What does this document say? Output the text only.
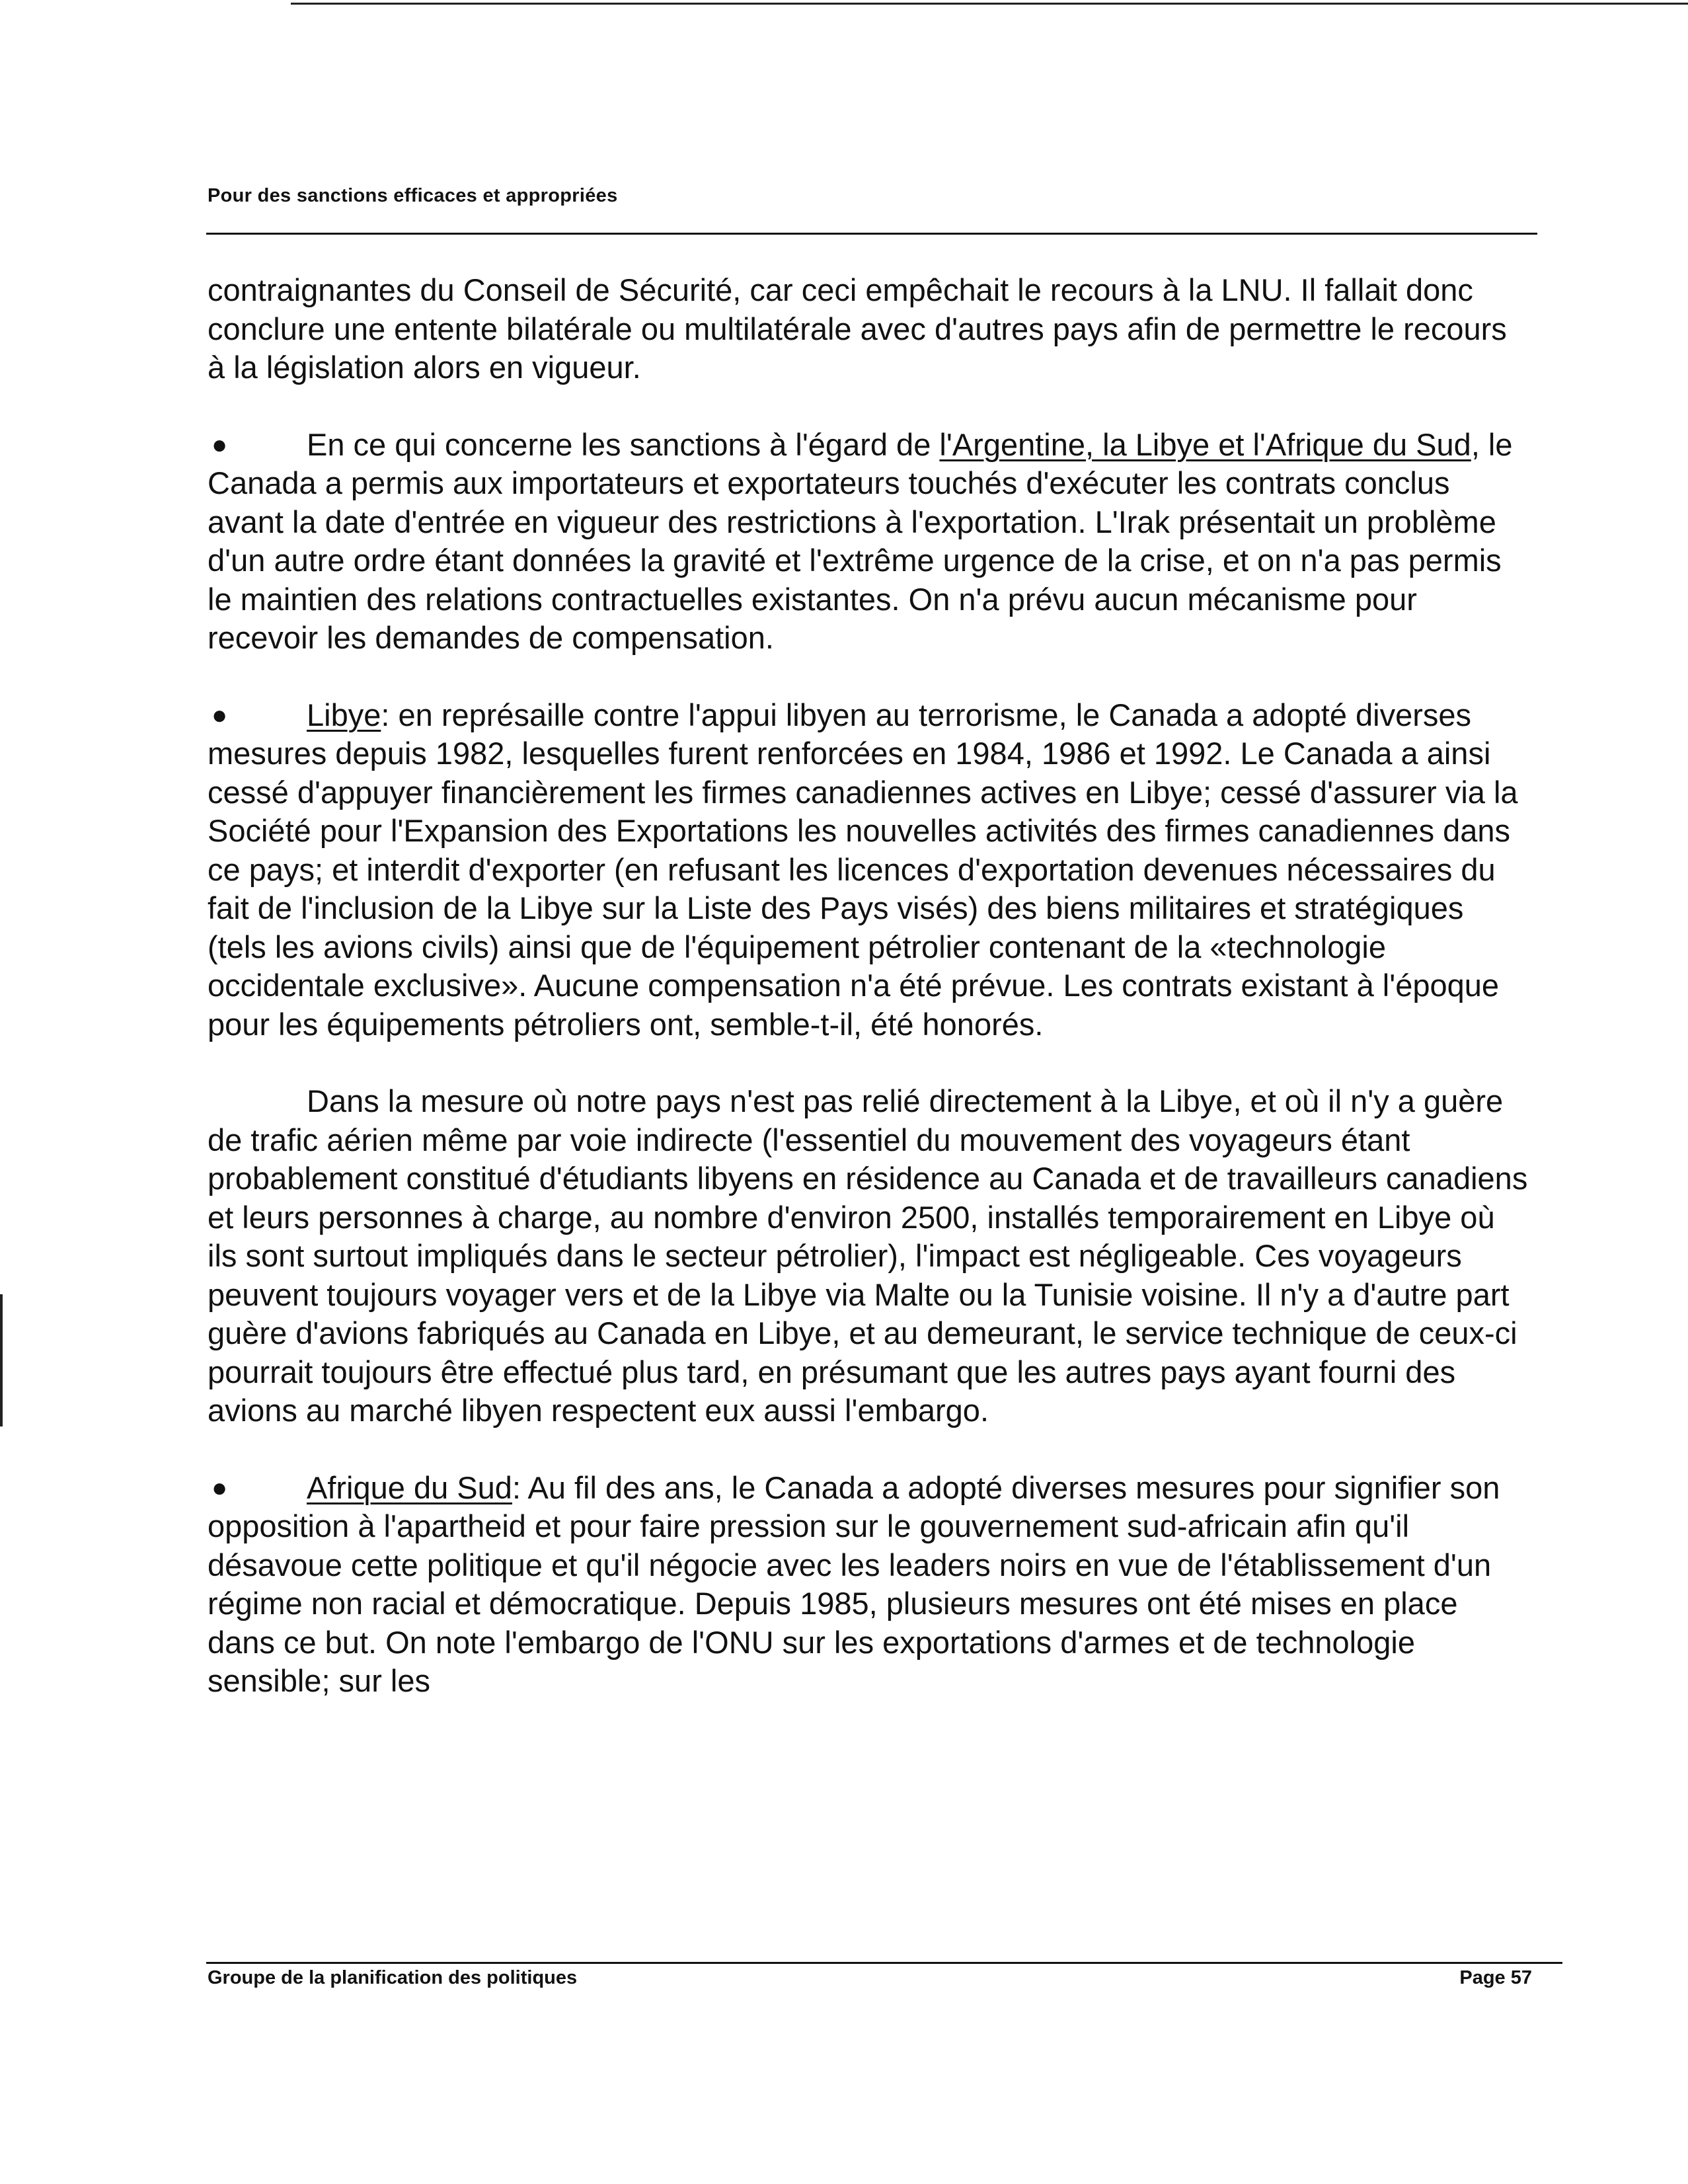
Pour des sanctions efficaces et appropriées

contraignantes du Conseil de Sécurité, car ceci empêchait le recours à la LNU. Il fallait donc conclure une entente bilatérale ou multilatérale avec d'autres pays afin de permettre le recours à la législation alors en vigueur.

●	En ce qui concerne les sanctions à l'égard de l'Argentine, la Libye et l'Afrique du Sud, le Canada a permis aux importateurs et exportateurs touchés d'exécuter les contrats conclus avant la date d'entrée en vigueur des restrictions à l'exportation. L'Irak présentait un problème d'un autre ordre étant données la gravité et l'extrême urgence de la crise, et on n'a pas permis le maintien des relations contractuelles existantes. On n'a prévu aucun mécanisme pour recevoir les demandes de compensation.

●	Libye: en représaille contre l'appui libyen au terrorisme, le Canada a adopté diverses mesures depuis 1982, lesquelles furent renforcées en 1984, 1986 et 1992. Le Canada a ainsi cessé d'appuyer financièrement les firmes canadiennes actives en Libye; cessé d'assurer via la Société pour l'Expansion des Exportations les nouvelles activités des firmes canadiennes dans ce pays; et interdit d'exporter (en refusant les licences d'exportation devenues nécessaires du fait de l'inclusion de la Libye sur la Liste des Pays visés) des biens militaires et stratégiques (tels les avions civils) ainsi que de l'équipement pétrolier contenant de la «technologie occidentale exclusive». Aucune compensation n'a été prévue. Les contrats existant à l'époque pour les équipements pétroliers ont, semble-t-il, été honorés.

Dans la mesure où notre pays n'est pas relié directement à la Libye, et où il n'y a guère de trafic aérien même par voie indirecte (l'essentiel du mouvement des voyageurs étant probablement constitué d'étudiants libyens en résidence au Canada et de travailleurs canadiens et leurs personnes à charge, au nombre d'environ 2500, installés temporairement en Libye où ils sont surtout impliqués dans le secteur pétrolier), l'impact est négligeable. Ces voyageurs peuvent toujours voyager vers et de la Libye via Malte ou la Tunisie voisine. Il n'y a d'autre part guère d'avions fabriqués au Canada en Libye, et au demeurant, le service technique de ceux-ci pourrait toujours être effectué plus tard, en présumant que les autres pays ayant fourni des avions au marché libyen respectent eux aussi l'embargo.

●	Afrique du Sud: Au fil des ans, le Canada a adopté diverses mesures pour signifier son opposition à l'apartheid et pour faire pression sur le gouvernement sud-africain afin qu'il désavoue cette politique et qu'il négocie avec les leaders noirs en vue de l'établissement d'un régime non racial et démocratique. Depuis 1985, plusieurs mesures ont été mises en place dans ce but. On note l'embargo de l'ONU sur les exportations d'armes et de technologie sensible; sur les

Groupe de la planification des politiques	Page 57
